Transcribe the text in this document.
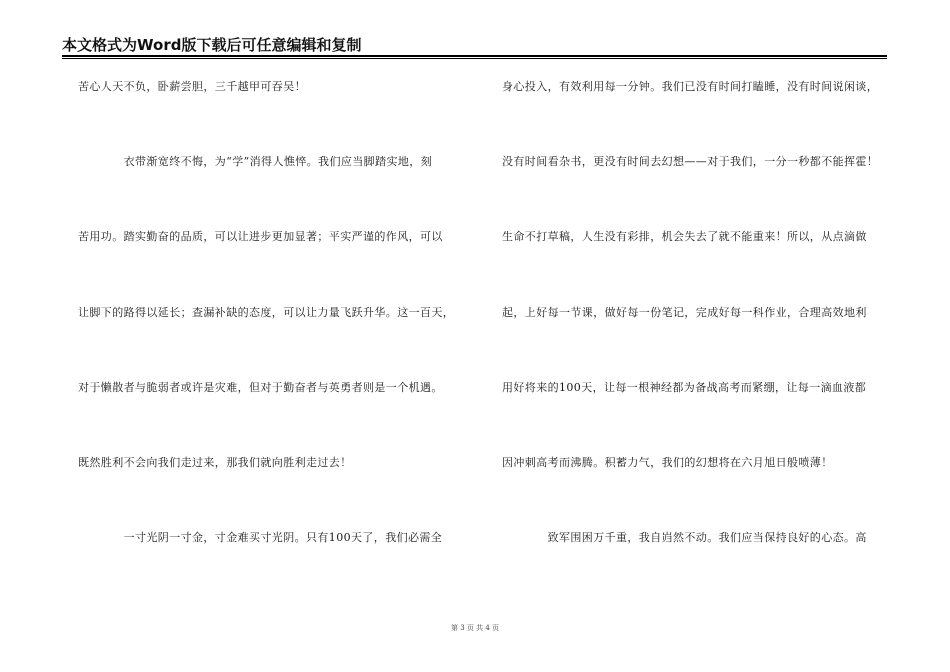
本文格式为Word版下载后可任意编辑和复制
苦心人天不负，卧薪尝胆，三千越甲可吞吴！
　　　　衣带渐宽终不悔，为“学”消得人憔悴。我们应当脚踏实地，刻
苦用功。踏实勤奋的品质，可以让进步更加显著；平实严谨的作风，可以
让脚下的路得以延长；查漏补缺的态度，可以让力量飞跃升华。这一百天，
对于懒散者与脆弱者或许是灾难，但对于勤奋者与英勇者则是一个机遇。
既然胜利不会向我们走过来，那我们就向胜利走过去！
　　　　一寸光阴一寸金，寸金难买寸光阴。只有100天了，我们必需全
身心投入，有效利用每一分钟。我们已没有时间打瞌睡，没有时间说闲谈，
没有时间看杂书，更没有时间去幻想——对于我们，一分一秒都不能挥霍！
生命不打草稿，人生没有彩排，机会失去了就不能重来！所以，从点滴做
起，上好每一节课，做好每一份笔记，完成好每一科作业，合理高效地利
用好将来的100天，让每一根神经都为备战高考而紧绷，让每一滴血液都
因冲刺高考而沸腾。积蓄力气，我们的幻想将在六月旭日般喷薄！
　　　　致军围困万千重，我自岿然不动。我们应当保持良好的心态。高
第 3 页 共 4 页
